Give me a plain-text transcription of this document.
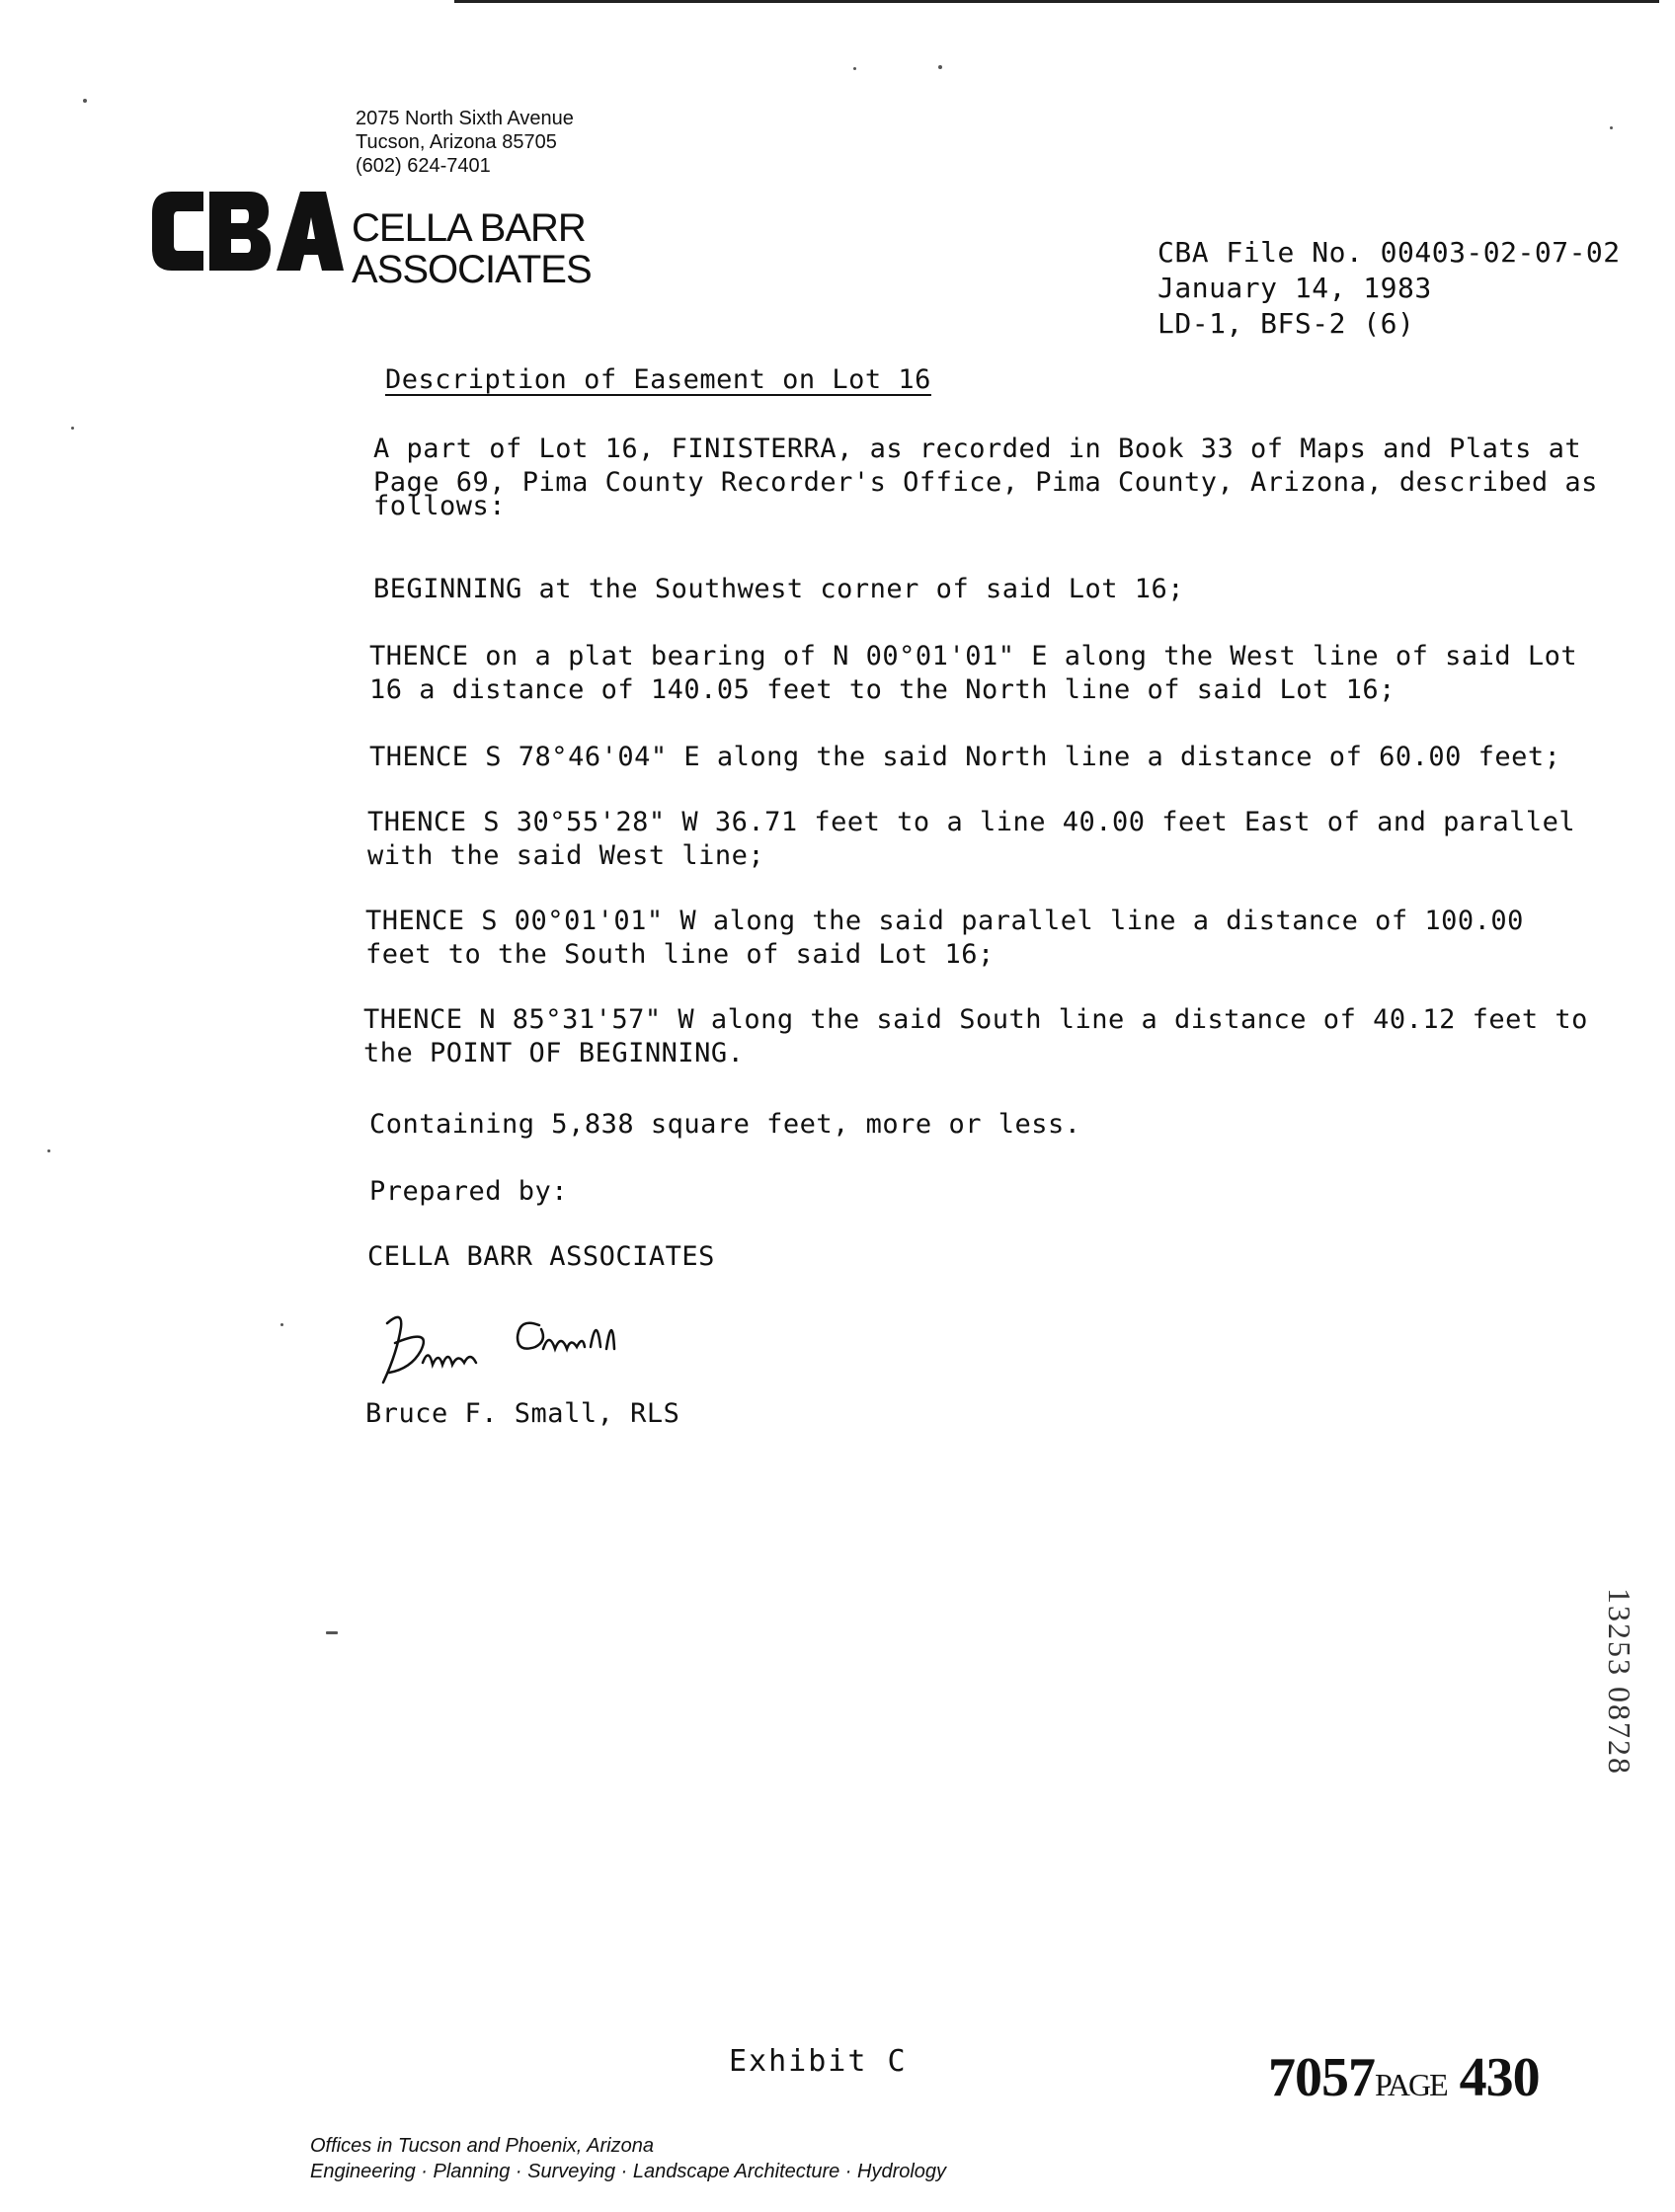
2075 North Sixth Avenue
Tucson, Arizona 85705
(602) 624-7401
CELLA BARR
ASSOCIATES	CBA File No. 00403-02-07-02
January 14, 1983
LD-1, BFS-2 (6)
Description of Easement on Lot 16
A part of Lot 16, FINISTERRA, as recorded in Book 33 of Maps and Plats at
Page 69, Pima County Recorder's Office, Pima County, Arizona, described as
follows:
BEGINNING at the Southwest corner of said Lot 16;
THENCE on a plat bearing of N 00°01'01" E along the West line of said Lot
16 a distance of 140.05 feet to the North line of said Lot 16;
THENCE S 78°46'04" E along the said North line a distance of 60.00 feet;
THENCE S 30°55'28" W 36.71 feet to a line 40.00 feet East of and parallel
with the said West line;
THENCE S 00°01'01" W along the said parallel line a distance of 100.00
feet to the South line of said Lot 16;
THENCE N 85°31'57" W along the said South line a distance of 40.12 feet to
the POINT OF BEGINNING.
Containing 5,838 square feet, more or less.
Prepared by:
CELLA BARR ASSOCIATES
Bruce F. Small, RLS
13253 08728
Exhibit C	7057PAGE 430
Offices in Tucson and Phoenix, Arizona
Engineering · Planning · Surveying · Landscape Architecture · Hydrology
